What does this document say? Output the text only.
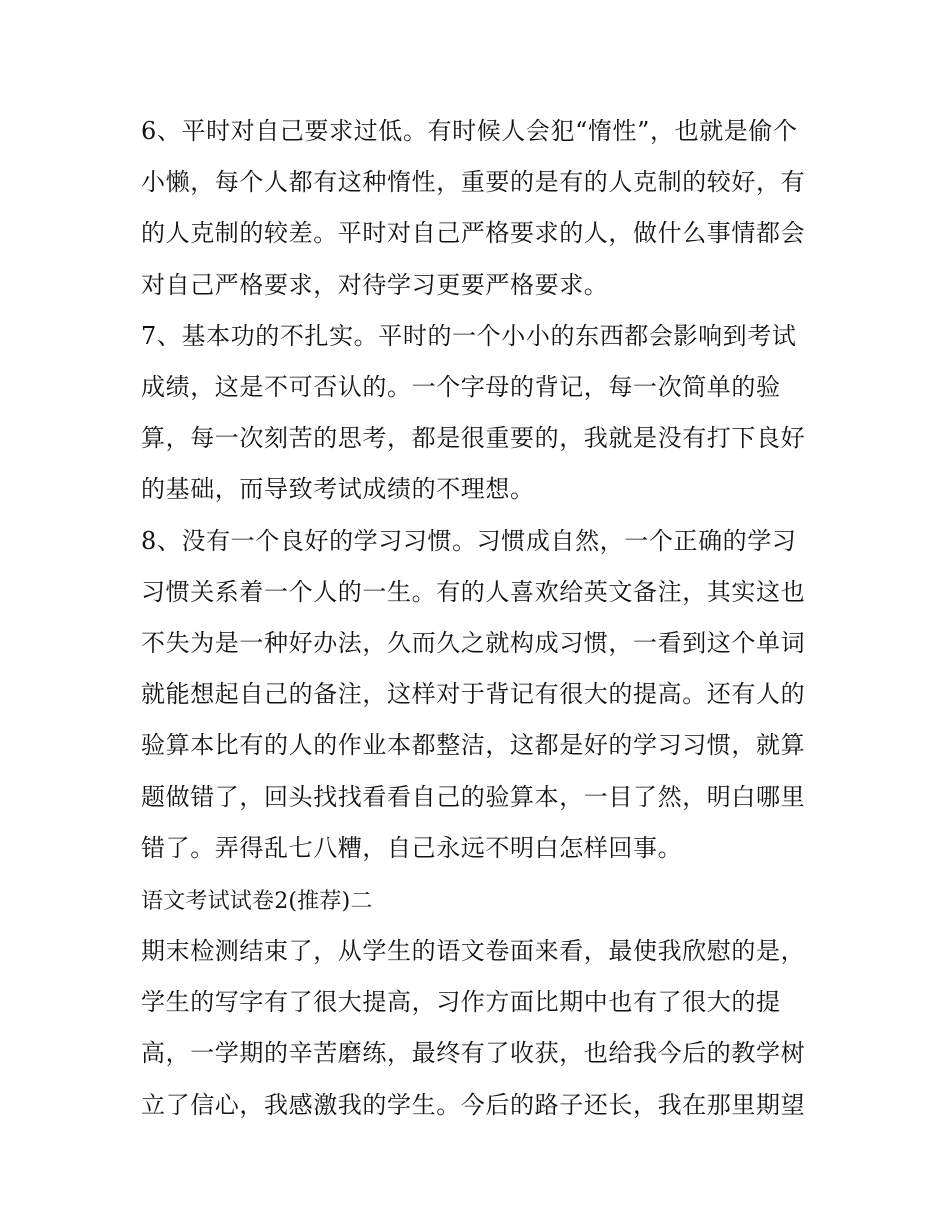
6、平时对自己要求过低。有时候人会犯“惰性”，也就是偷个小懒，每个人都有这种惰性，重要的是有的人克制的较好，有的人克制的较差。平时对自己严格要求的人，做什么事情都会对自己严格要求，对待学习更要严格要求。

7、基本功的不扎实。平时的一个小小的东西都会影响到考试成绩，这是不可否认的。一个字母的背记，每一次简单的验算，每一次刻苦的思考，都是很重要的，我就是没有打下良好的基础，而导致考试成绩的不理想。

8、没有一个良好的学习习惯。习惯成自然，一个正确的学习习惯关系着一个人的一生。有的人喜欢给英文备注，其实这也不失为是一种好办法，久而久之就构成习惯，一看到这个单词就能想起自己的备注，这样对于背记有很大的提高。还有人的验算本比有的人的作业本都整洁，这都是好的学习习惯，就算题做错了，回头找找看看自己的验算本，一目了然，明白哪里错了。弄得乱七八糟，自己永远不明白怎样回事。

语文考试试卷2(推荐)二

期末检测结束了，从学生的语文卷面来看，最使我欣慰的是，学生的写字有了很大提高，习作方面比期中也有了很大的提高，一学期的辛苦磨练，最终有了收获，也给我今后的教学树立了信心，我感激我的学生。今后的路子还长，我在那里期望
